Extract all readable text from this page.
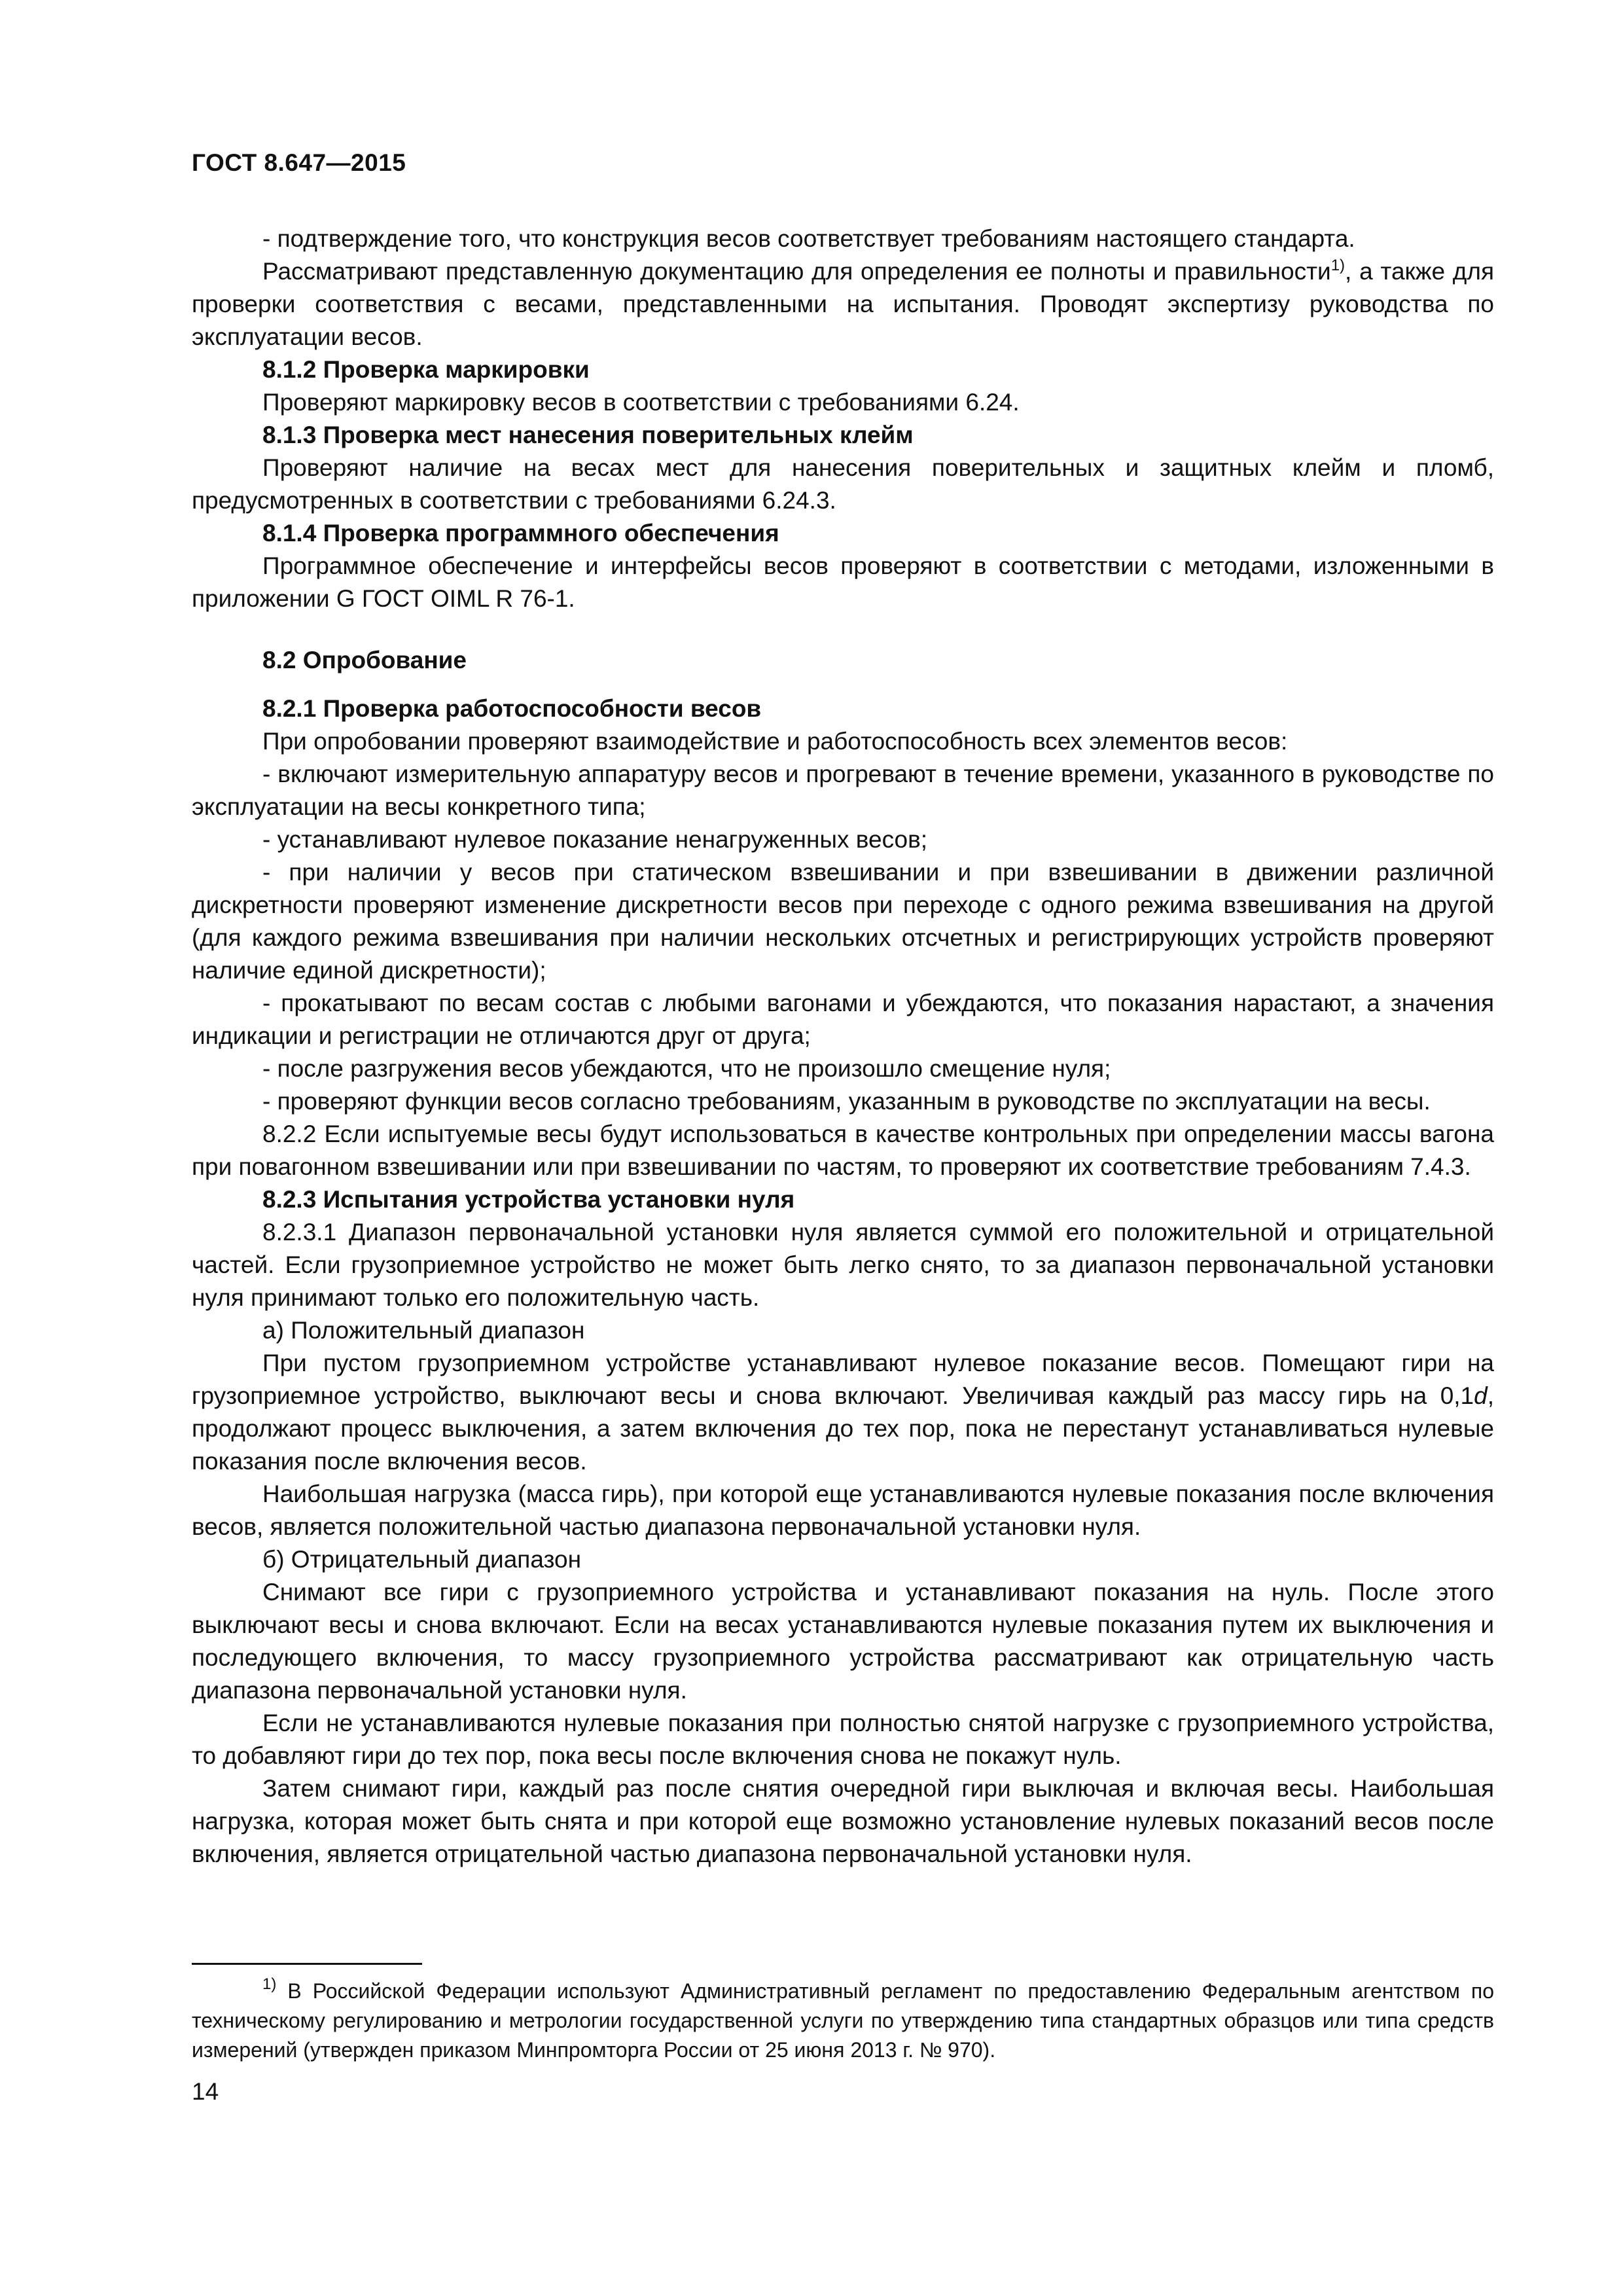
ГОСТ 8.647—2015

- подтверждение того, что конструкция весов соответствует требованиям настоящего стандарта.

Рассматривают представленную документацию для определения ее полноты и правильности$^{1)}$, а также для проверки соответствия с весами, представленными на испытания. Проводят экспертизу руководства по эксплуатации весов.

8.1.2 Проверка маркировки

Проверяют маркировку весов в соответствии с требованиями 6.24.

8.1.3 Проверка мест нанесения поверительных клейм

Проверяют наличие на весах мест для нанесения поверительных и защитных клейм и пломб, предусмотренных в соответствии с требованиями 6.24.3.

8.1.4 Проверка программного обеспечения

Программное обеспечение и интерфейсы весов проверяют в соответствии с методами, изложенными в приложении G ГОСТ OIML R 76-1.

8.2 Опробование

8.2.1 Проверка работоспособности весов

При опробовании проверяют взаимодействие и работоспособность всех элементов весов:

- включают измерительную аппаратуру весов и прогревают в течение времени, указанного в руководстве по эксплуатации на весы конкретного типа;

- устанавливают нулевое показание ненагруженных весов;

- при наличии у весов при статическом взвешивании и при взвешивании в движении различной дискретности проверяют изменение дискретности весов при переходе с одного режима взвешивания на другой (для каждого режима взвешивания при наличии нескольких отсчетных и регистрирующих устройств проверяют наличие единой дискретности);

- прокатывают по весам состав с любыми вагонами и убеждаются, что показания нарастают, а значения индикации и регистрации не отличаются друг от друга;

- после разгружения весов убеждаются, что не произошло смещение нуля;

- проверяют функции весов согласно требованиям, указанным в руководстве по эксплуатации на весы.

8.2.2 Если испытуемые весы будут использоваться в качестве контрольных при определении массы вагона при повагонном взвешивании или при взвешивании по частям, то проверяют их соответствие требованиям 7.4.3.

8.2.3 Испытания устройства установки нуля

8.2.3.1 Диапазон первоначальной установки нуля является суммой его положительной и отрицательной частей. Если грузоприемное устройство не может быть легко снято, то за диапазон первоначальной установки нуля принимают только его положительную часть.

а) Положительный диапазон

При пустом грузоприемном устройстве устанавливают нулевое показание весов. Помещают гири на грузоприемное устройство, выключают весы и снова включают. Увеличивая каждый раз массу гирь на 0,1d, продолжают процесс выключения, а затем включения до тех пор, пока не перестанут устанавливаться нулевые показания после включения весов.

Наибольшая нагрузка (масса гирь), при которой еще устанавливаются нулевые показания после включения весов, является положительной частью диапазона первоначальной установки нуля.

б) Отрицательный диапазон

Снимают все гири с грузоприемного устройства и устанавливают показания на нуль. После этого выключают весы и снова включают. Если на весах устанавливаются нулевые показания путем их выключения и последующего включения, то массу грузоприемного устройства рассматривают как отрицательную часть диапазона первоначальной установки нуля.

Если не устанавливаются нулевые показания при полностью снятой нагрузке с грузоприемного устройства, то добавляют гири до тех пор, пока весы после включения снова не покажут нуль.

Затем снимают гири, каждый раз после снятия очередной гири выключая и включая весы. Наибольшая нагрузка, которая может быть снята и при которой еще возможно установление нулевых показаний весов после включения, является отрицательной частью диапазона первоначальной установки нуля.

$^{1)}$ В Российской Федерации используют Административный регламент по предоставлению Федеральным агентством по техническому регулированию и метрологии государственной услуги по утверждению типа стандартных образцов или типа средств измерений (утвержден приказом Минпромторга России от 25 июня 2013 г. № 970).

14
